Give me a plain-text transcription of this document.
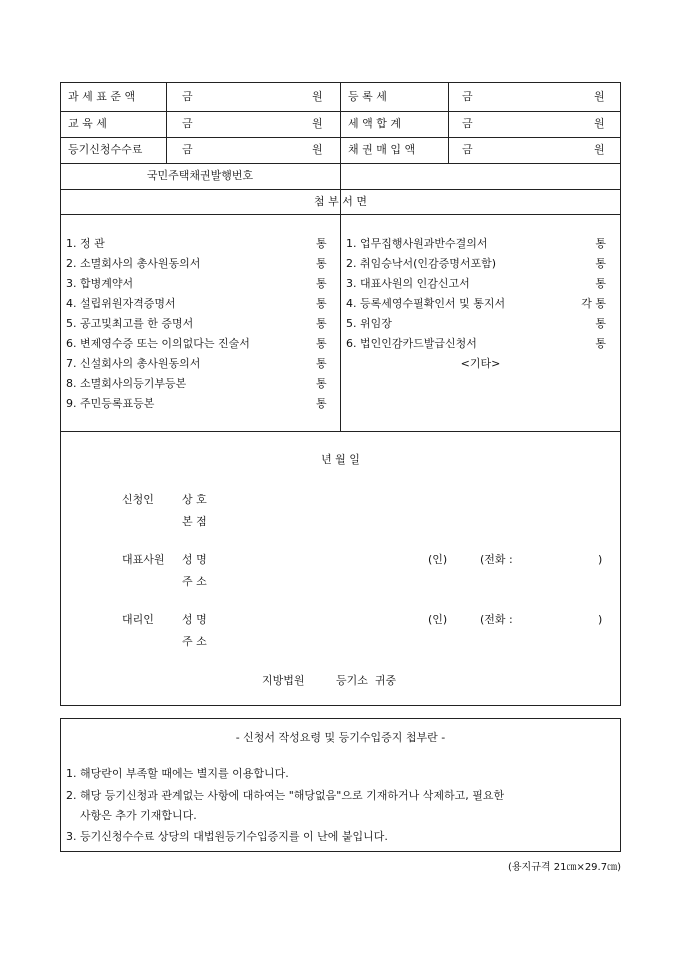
과 세 표 준 액	금	원 등 록 세	금	원
교 육 세	금	원 세 액 합 계	금	원
등기신청수수료	금	원 채 권 매 입 액	금	원
국민주택채권발행번호
첨 부 서 면
1. 정 관	통
2. 소멸회사의 총사원동의서	통
3. 합병계약서	통
4. 설립위원자격증명서	통
5. 공고및최고를 한 증명서	통
6. 변제영수증 또는 이의없다는 진술서	통
7. 신설회사의 총사원동의서	통
8. 소멸회사의등기부등본	통
9. 주민등록표등본	통
1. 업무집행사원과반수결의서	통
2. 취임승낙서(인감증명서포함)	통
3. 대표사원의 인감신고서	통
4. 등록세영수필확인서 및 통지서	각 통
5. 위임장	통
6. 법인인감카드발급신청서	통
<기타>
년 월 일
신청인	상 호
본 점
대표사원 성 명	(인)	(전화 :	)
주 소
대리인	성 명	(인)	(전화 :	)
주 소
지방법원         등기소  귀중
- 신청서 작성요령 및 등기수입증지 첩부란 -
1. 해당란이 부족할 때에는 별지를 이용합니다.
2. 해당 등기신청과 관계없는 사항에 대하여는 "해당없음"으로 기재하거나 삭제하고, 필요한
사항은 추가 기재합니다.
3. 등기신청수수료 상당의 대법원등기수입증지를 이 난에 붙입니다.
(용지규격 21㎝×29.7㎝)
